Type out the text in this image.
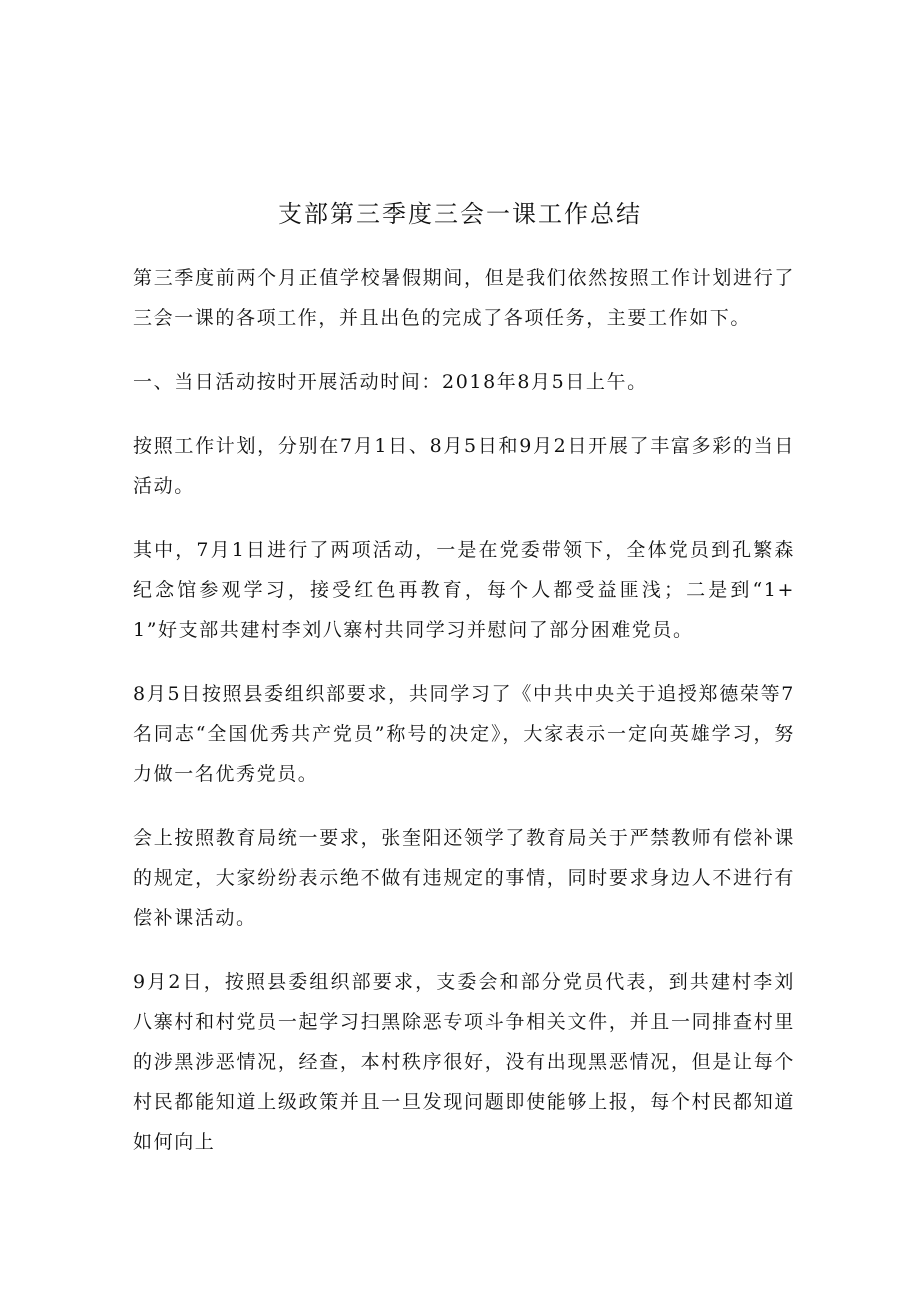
支部第三季度三会一课工作总结

第三季度前两个月正值学校暑假期间，但是我们依然按照工作计划进行了三会一课的各项工作，并且出色的完成了各项任务，主要工作如下。

一、当日活动按时开展活动时间：2018年8月5日上午。

按照工作计划，分别在7月1日、8月5日和9月2日开展了丰富多彩的当日活动。

其中，7月1日进行了两项活动，一是在党委带领下，全体党员到孔繁森纪念馆参观学习，接受红色再教育，每个人都受益匪浅；二是到“1+1”好支部共建村李刘八寨村共同学习并慰问了部分困难党员。

8月5日按照县委组织部要求，共同学习了《中共中央关于追授郑德荣等7名同志“全国优秀共产党员”称号的决定》，大家表示一定向英雄学习，努力做一名优秀党员。

会上按照教育局统一要求，张奎阳还领学了教育局关于严禁教师有偿补课的规定，大家纷纷表示绝不做有违规定的事情，同时要求身边人不进行有偿补课活动。

9月2日，按照县委组织部要求，支委会和部分党员代表，到共建村李刘八寨村和村党员一起学习扫黑除恶专项斗争相关文件，并且一同排查村里的涉黑涉恶情况，经查，本村秩序很好，没有出现黑恶情况，但是让每个村民都能知道上级政策并且一旦发现问题即使能够上报，每个村民都知道如何向上
